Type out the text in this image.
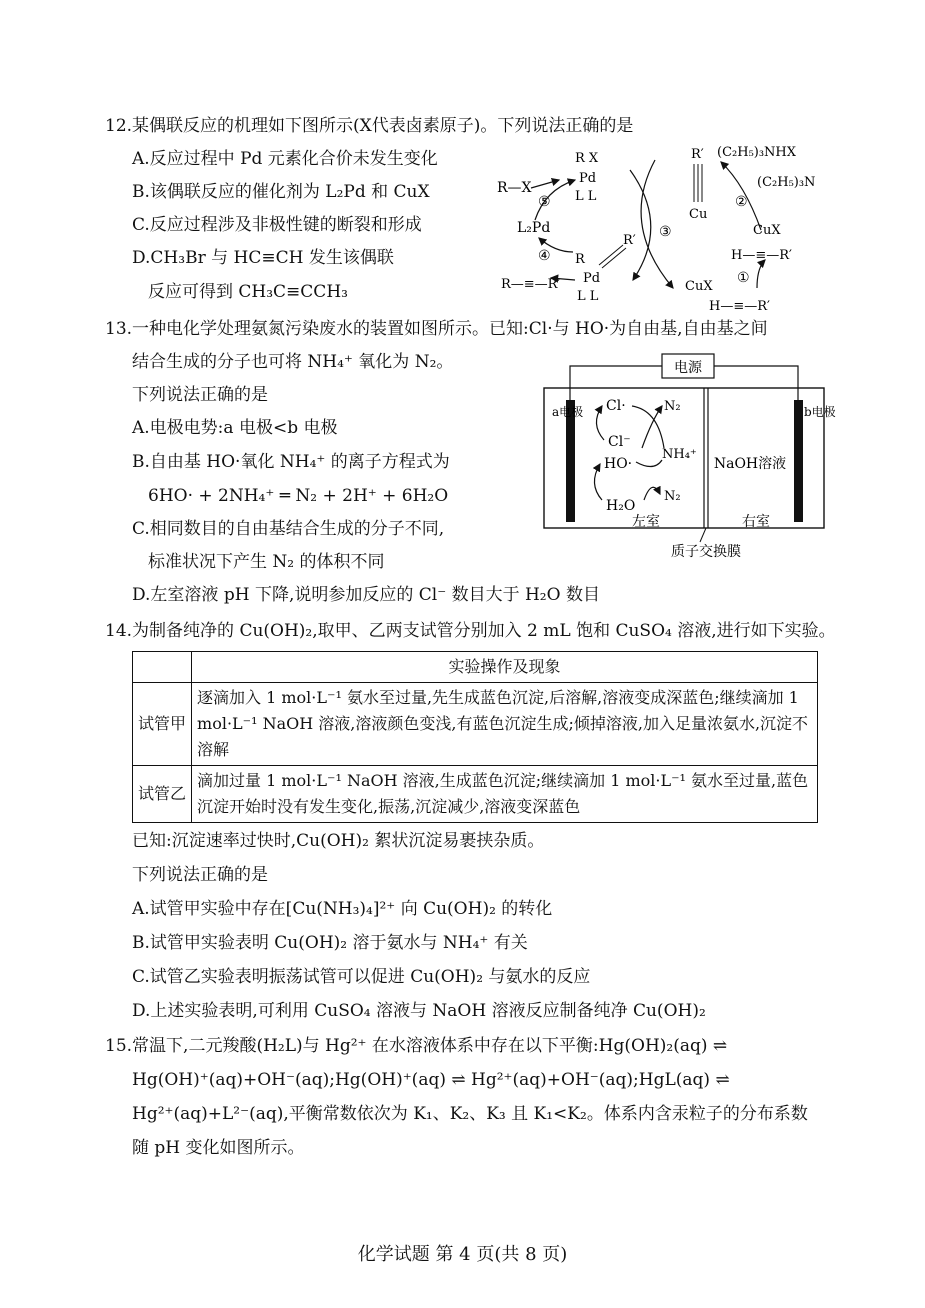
12.某偶联反应的机理如下图所示(X代表卤素原子)。下列说法正确的是
A.反应过程中 Pd 元素化合价未发生变化
B.该偶联反应的催化剂为 L₂Pd 和 CuX
C.反应过程涉及非极性键的断裂和形成
D.CH₃Br 与 HC≡CH 发生该偶联
反应可得到 CH₃C≡CCH₃
R—X
L₂Pd
R X
Pd
L L
⑤
④
R—≡—R′
R
R′
Pd
L L
③
R′
Cu
(C₂H₅)₃NHX
(C₂H₅)₃N
②
CuX
H—≡—R′
①
CuX
H—≡—R′
13.一种电化学处理氨氮污染废水的装置如图所示。已知:Cl·与 HO·为自由基,自由基之间
结合生成的分子也可将 NH₄⁺ 氧化为 N₂。
下列说法正确的是
A.电极电势:a 电极<b 电极
B.自由基 HO·氧化 NH₄⁺ 的离子方程式为
6HO· + 2NH₄⁺ ═ N₂ + 2H⁺ + 6H₂O
C.相同数目的自由基结合生成的分子不同,
标准状况下产生 N₂ 的体积不同
D.左室溶液 pH 下降,说明参加反应的 Cl⁻ 数目大于 H₂O 数目
电源
a电极	b电极
Cl·
Cl⁻
N₂
NH₄⁺
HO·
H₂O
N₂
NaOH溶液
左室	右室
质子交换膜
14.为制备纯净的 Cu(OH)₂,取甲、乙两支试管分别加入 2 mL 饱和 CuSO₄ 溶液,进行如下实验。
	实验操作及现象
试管甲	逐滴加入 1 mol·L⁻¹ 氨水至过量,先生成蓝色沉淀,后溶解,溶液变成深蓝色;继续滴加 1 mol·L⁻¹ NaOH 溶液,溶液颜色变浅,有蓝色沉淀生成;倾掉溶液,加入足量浓氨水,沉淀不溶解
试管乙	滴加过量 1 mol·L⁻¹ NaOH 溶液,生成蓝色沉淀;继续滴加 1 mol·L⁻¹ 氨水至过量,蓝色沉淀开始时没有发生变化,振荡,沉淀减少,溶液变深蓝色
已知:沉淀速率过快时,Cu(OH)₂ 絮状沉淀易裹挟杂质。
下列说法正确的是
A.试管甲实验中存在[Cu(NH₃)₄]²⁺ 向 Cu(OH)₂ 的转化
B.试管甲实验表明 Cu(OH)₂ 溶于氨水与 NH₄⁺ 有关
C.试管乙实验表明振荡试管可以促进 Cu(OH)₂ 与氨水的反应
D.上述实验表明,可利用 CuSO₄ 溶液与 NaOH 溶液反应制备纯净 Cu(OH)₂
15.常温下,二元羧酸(H₂L)与 Hg²⁺ 在水溶液体系中存在以下平衡:Hg(OH)₂(aq) ⇌
Hg(OH)⁺(aq)+OH⁻(aq);Hg(OH)⁺(aq) ⇌ Hg²⁺(aq)+OH⁻(aq);HgL(aq) ⇌
Hg²⁺(aq)+L²⁻(aq),平衡常数依次为 K₁、K₂、K₃ 且 K₁<K₂。体系内含汞粒子的分布系数
随 pH 变化如图所示。
化学试题 第 4 页(共 8 页)
